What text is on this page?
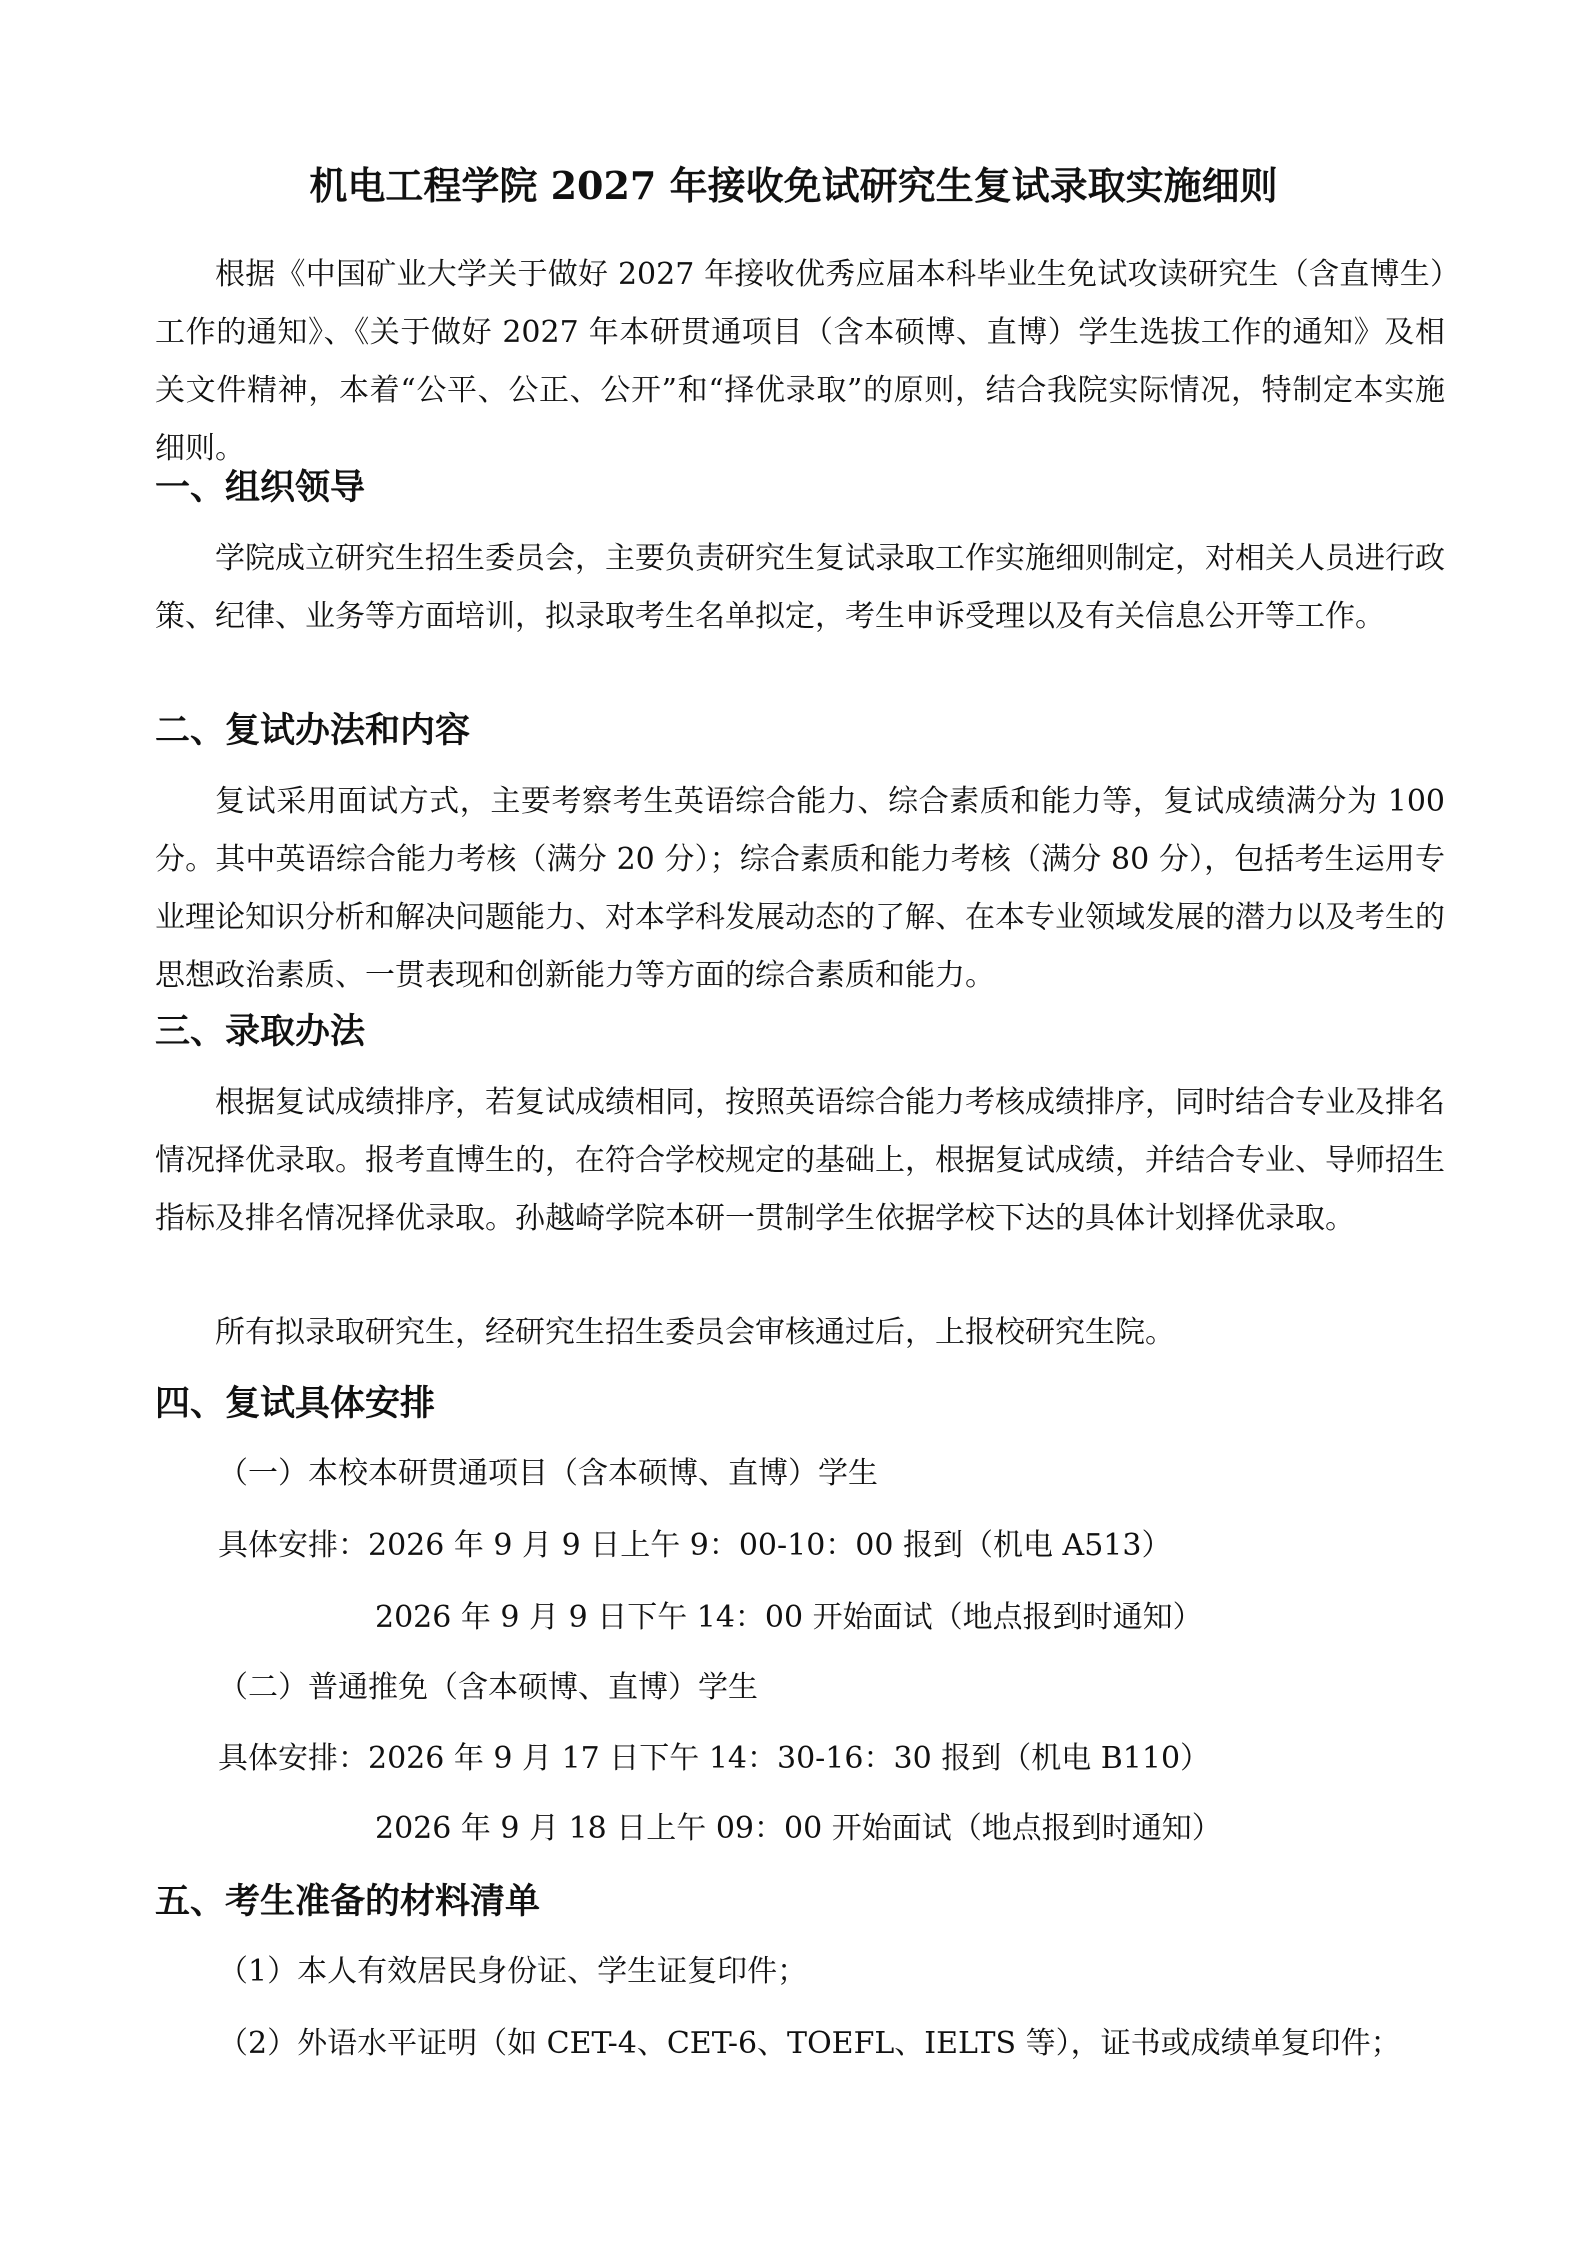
机电工程学院 2027 年接收免试研究生复试录取实施细则

根据《中国矿业大学关于做好 2027 年接收优秀应届本科毕业生免试攻读研究生（含直博生）工作的通知》、《关于做好 2027 年本研贯通项目（含本硕博、直博）学生选拔工作的通知》及相关文件精神，本着“公平、公正、公开”和“择优录取”的原则，结合我院实际情况，特制定本实施细则。

一、组织领导

学院成立研究生招生委员会，主要负责研究生复试录取工作实施细则制定，对相关人员进行政策、纪律、业务等方面培训，拟录取考生名单拟定，考生申诉受理以及有关信息公开等工作。

二、复试办法和内容

复试采用面试方式，主要考察考生英语综合能力、综合素质和能力等，复试成绩满分为 100 分。其中英语综合能力考核（满分 20 分）；综合素质和能力考核（满分 80 分），包括考生运用专业理论知识分析和解决问题能力、对本学科发展动态的了解、在本专业领域发展的潜力以及考生的思想政治素质、一贯表现和创新能力等方面的综合素质和能力。

三、录取办法

根据复试成绩排序，若复试成绩相同，按照英语综合能力考核成绩排序，同时结合专业及排名情况择优录取。报考直博生的，在符合学校规定的基础上，根据复试成绩，并结合专业、导师招生指标及排名情况择优录取。孙越崎学院本研一贯制学生依据学校下达的具体计划择优录取。

所有拟录取研究生，经研究生招生委员会审核通过后，上报校研究生院。

四、复试具体安排

（一）本校本研贯通项目（含本硕博、直博）学生

具体安排：2026 年 9 月 9 日上午 9：00-10：00 报到（机电 A513）

2026 年 9 月 9 日下午 14：00 开始面试（地点报到时通知）

（二）普通推免（含本硕博、直博）学生

具体安排：2026 年 9 月 17 日下午 14：30-16：30 报到（机电 B110）

2026 年 9 月 18 日上午 09：00 开始面试（地点报到时通知）

五、考生准备的材料清单

（1）本人有效居民身份证、学生证复印件；

（2）外语水平证明（如 CET-4、CET-6、TOEFL、IELTS 等），证书或成绩单复印件；
